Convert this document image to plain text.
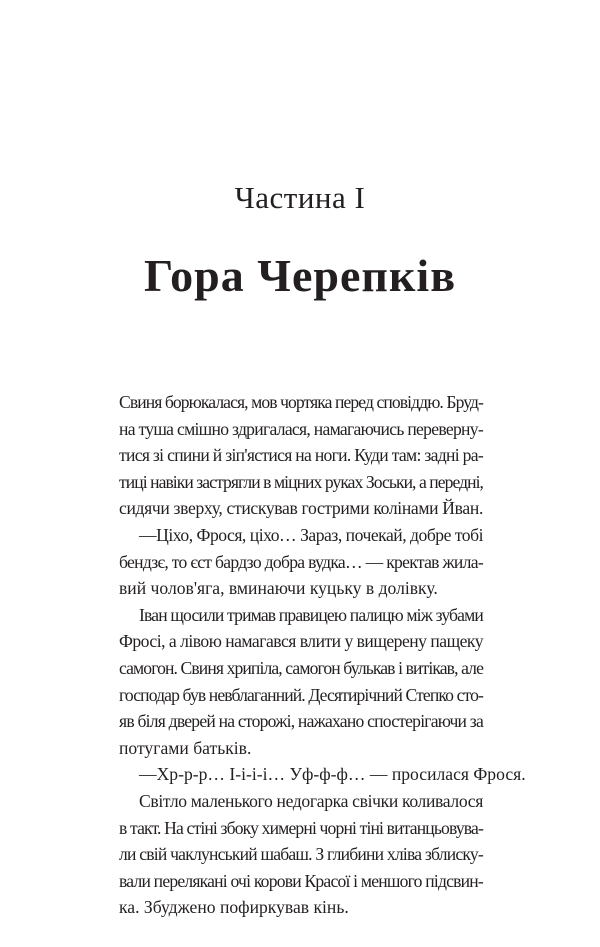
Частина І
Гора Черепків

Свиня борюкалася, мов чортяка перед сповіддю. Бруд-
на туша смішно здригалася, намагаючись переверну-
тися зі спини й зіп'ястися на ноги. Куди там: задні ра-
тиці навіки застрягли в міцних руках Зоськи, а передні,
сидячи зверху, стискував гострими колінами Йван.

—Ціхо, Фрося, ціхо… Зараз, почекай, добре тобі
бендзє, то єст бардзо добра вудка… — кректав жила-
вий чолов'яга, вминаючи куцьку в долівку.

Іван щосили тримав правицею палицю між зубами
Фросі, а лівою намагався влити у вищерену пащеку
самогон. Свиня хрипіла, самогон булькав і витікав, але
господар був невблаганний. Десятирічний Степко сто-
яв біля дверей на сторожі, нажахано спостерігаючи за
потугами батьків.

—Хр-р-р… І-і-і-і… Уф-ф-ф… — просилася Фрося.

Світло маленького недогарка свічки коливалося
в такт. На стіні збоку химерні чорні тіні витанцьовува-
ли свій чаклунський шабаш. З глибини хліва зблиску-
вали перелякані очі корови Красої і меншого підсвин-
ка. Збуджено пофиркував кінь.
